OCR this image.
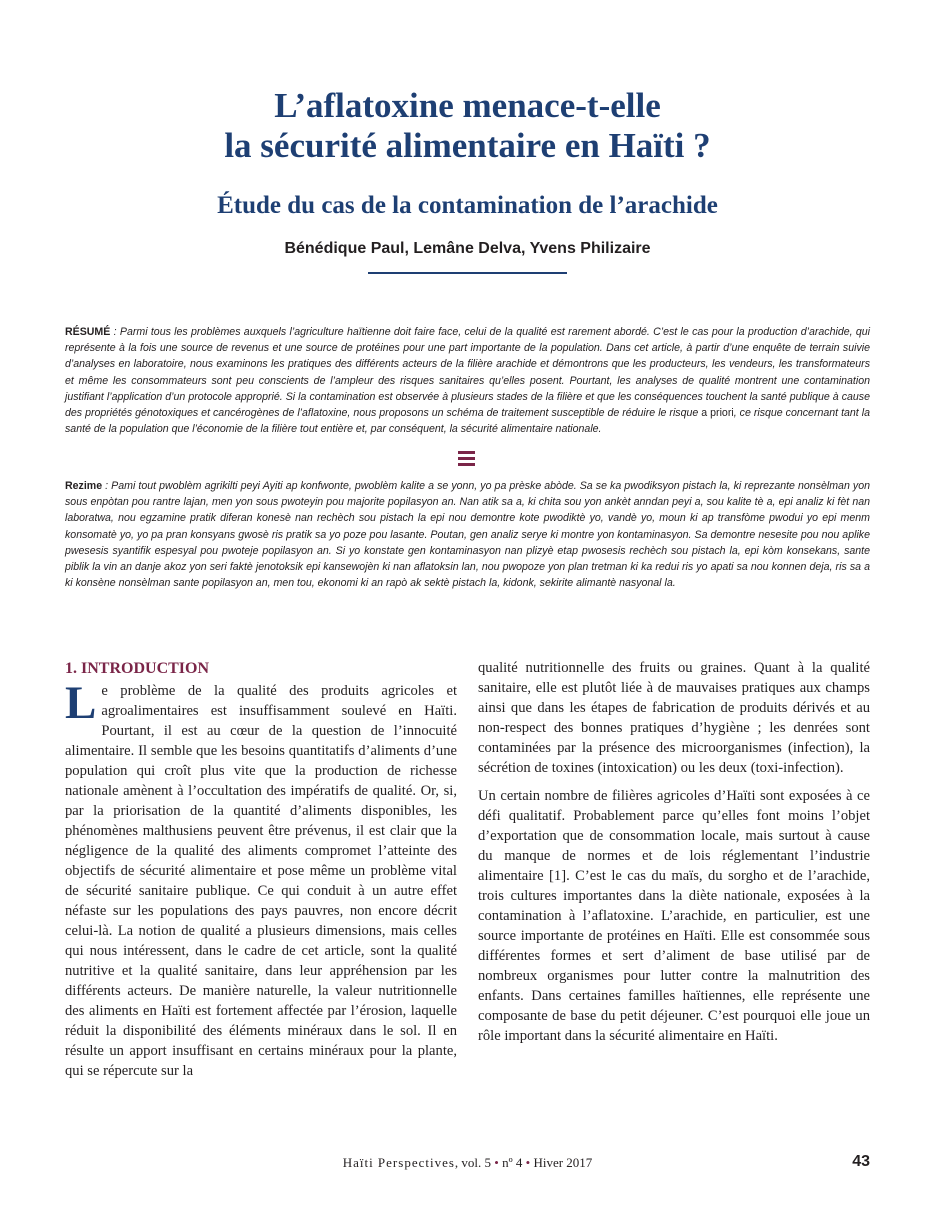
L’aflatoxine menace-t-elle
la sécurité alimentaire en Haïti ?
Étude du cas de la contamination de l’arachide
Bénédique Paul, Lemâne Delva, Yvens Philizaire
RÉSUMÉ : Parmi tous les problèmes auxquels l’agriculture haïtienne doit faire face, celui de la qualité est rarement abordé. C’est le cas pour la production d’arachide, qui représente à la fois une source de revenus et une source de protéines pour une part importante de la population. Dans cet article, à partir d’une enquête de terrain suivie d’analyses en laboratoire, nous examinons les pratiques des différents acteurs de la filière arachide et démontrons que les producteurs, les vendeurs, les transformateurs et même les consommateurs sont peu conscients de l’ampleur des risques sanitaires qu’elles posent. Pourtant, les analyses de qualité montrent une contamination justifiant l’application d’un protocole approprié. Si la contamination est observée à plusieurs stades de la filière et que les conséquences touchent la santé publique à cause des propriétés génotoxiques et cancérogènes de l’aflatoxine, nous proposons un schéma de traitement susceptible de réduire le risque a priori, ce risque concernant tant la santé de la population que l’économie de la filière tout entière et, par conséquent, la sécurité alimentaire nationale.
Rezime : Pami tout pwoblèm agrikilti peyi Ayiti ap konfwonte, pwoblèm kalite a se yonn, yo pa prèske abòde. Sa se ka pwodiksyon pistach la, ki reprezante nonsèlman yon sous enpòtan pou rantre lajan, men yon sous pwoteyin pou majorite popilasyon an. Nan atik sa a, ki chita sou yon ankèt anndan peyi a, sou kalite tè a, epi analiz ki fèt nan laboratwa, nou egzamine pratik diferan konesè nan rechèch sou pistach la epi nou demontre kote pwodiktè yo, vandè yo, moun ki ap transfòme pwodui yo epi menm konsomatè yo, yo pa pran konsyans gwosè ris pratik sa yo poze pou lasante. Poutan, gen analiz serye ki montre yon kontaminasyon. Sa demontre nesesite pou nou aplike pwesesis syantifik espesyal pou pwoteje popilasyon an. Si yo konstate gen kontaminasyon nan plizyè etap pwosesis rechèch sou pistach la, epi kòm konsekans, sante piblik la vin an danje akoz yon seri faktè jenotoksik epi kansewojèn ki nan aflatoksin lan, nou pwopoze yon plan tretman ki ka redui ris yo apati sa nou konnen deja, ris sa a ki konsène nonsèlman sante popilasyon an, men tou, ekonomi ki an rapò ak sektè pistach la, kidonk, sekirite alimantè nasyonal la.
1. INTRODUCTION

Le problème de la qualité des produits agricoles et agroalimentaires est insuffisamment soulevé en Haïti. Pourtant, il est au cœur de la question de l’innocuité alimentaire. Il semble que les besoins quantitatifs d’aliments d’une population qui croît plus vite que la production de richesse nationale amènent à l’occultation des impératifs de qualité. Or, si, par la priorisation de la quantité d’aliments disponibles, les phénomènes malthusiens peuvent être prévenus, il est clair que la négligence de la qualité des aliments compromet l’atteinte des objectifs de sécurité alimentaire et pose même un problème vital de sécurité sanitaire publique. Ce qui conduit à un autre effet néfaste sur les populations des pays pauvres, non encore décrit celui-là. La notion de qualité a plusieurs dimensions, mais celles qui nous intéressent, dans le cadre de cet article, sont la qualité nutritive et la qualité sanitaire, dans leur appréhension par les différents acteurs. De manière naturelle, la valeur nutritionnelle des aliments en Haïti est fortement affectée par l’érosion, laquelle réduit la disponibilité des éléments minéraux dans le sol. Il en résulte un apport insuffisant en certains minéraux pour la plante, qui se répercute sur la

qualité nutritionnelle des fruits ou graines. Quant à la qualité sanitaire, elle est plutôt liée à de mauvaises pratiques aux champs ainsi que dans les étapes de fabrication de produits dérivés et au non-respect des bonnes pratiques d’hygiène ; les denrées sont contaminées par la présence des microorganismes (infection), la sécrétion de toxines (intoxication) ou les deux (toxi-infection).

Un certain nombre de filières agricoles d’Haïti sont exposées à ce défi qualitatif. Probablement parce qu’elles font moins l’objet d’exportation que de consommation locale, mais surtout à cause du manque de normes et de lois réglementant l’industrie alimentaire [1]. C’est le cas du maïs, du sorgho et de l’arachide, trois cultures importantes dans la diète nationale, exposées à la contamination à l’aflatoxine. L’arachide, en particulier, est une source importante de protéines en Haïti. Elle est consommée sous différentes formes et sert d’aliment de base utilisé par de nombreux organismes pour lutter contre la malnutrition des enfants. Dans certaines familles haïtiennes, elle représente une composante de base du petit déjeuner. C’est pourquoi elle joue un rôle important dans la sécurité alimentaire en Haïti.

Haïti Perspectives, vol. 5 • nº 4 • Hiver 2017	43
